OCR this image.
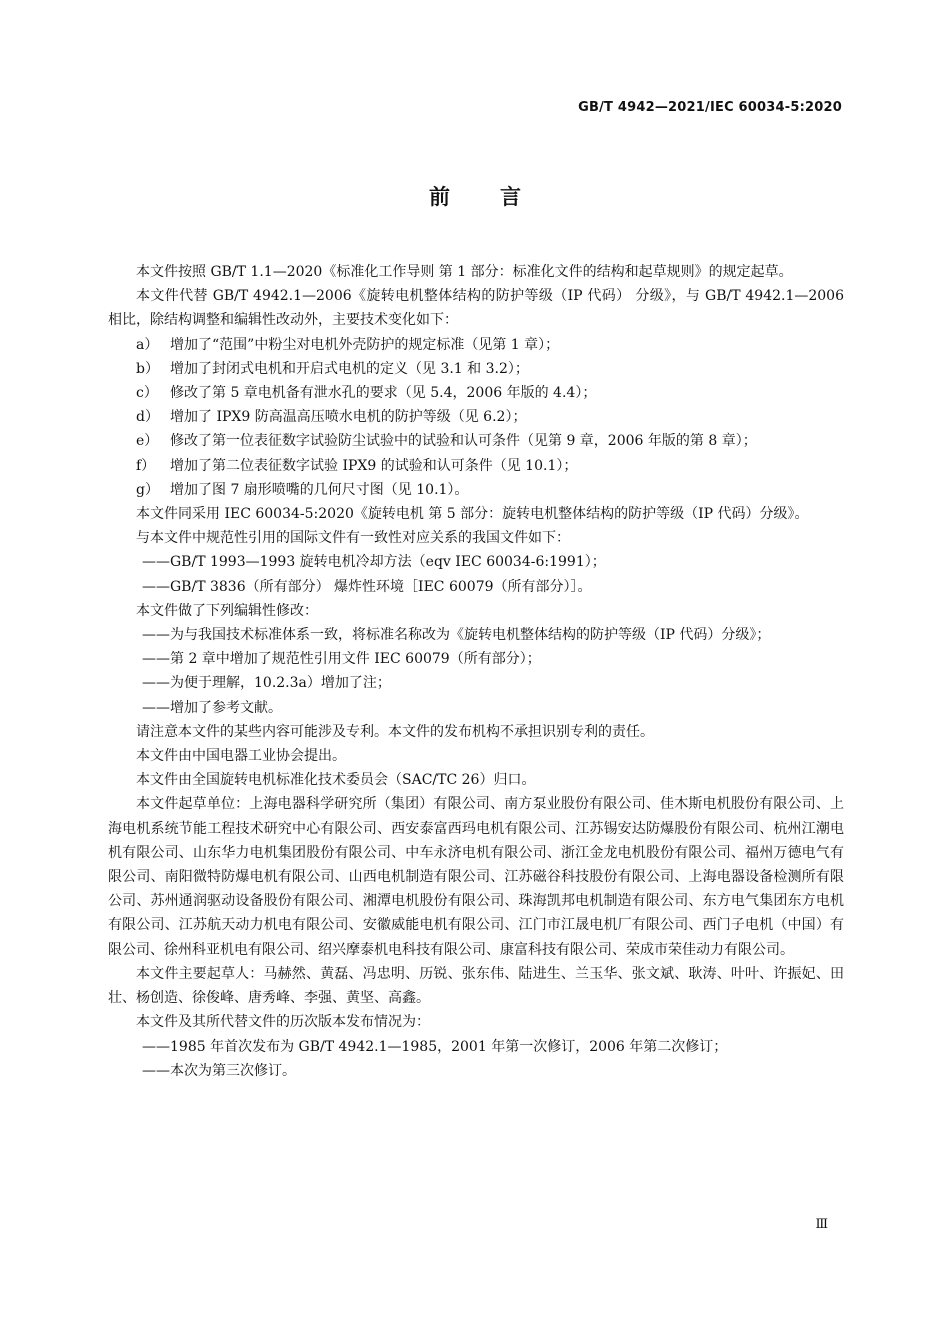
GB/T 4942—2021/IEC 60034-5:2020
前言

本文件按照 GB/T 1.1—2020《标准化工作导则 第 1 部分：标准化文件的结构和起草规则》的规定起草。

本文件代替 GB/T 4942.1—2006《旋转电机整体结构的防护等级（IP 代码） 分级》，与 GB/T 4942.1—2006 相比，除结构调整和编辑性改动外，主要技术变化如下：

a） 增加了“范围”中粉尘对电机外壳防护的规定标准（见第 1 章）；

b） 增加了封闭式电机和开启式电机的定义（见 3.1 和 3.2）；

c） 修改了第 5 章电机备有泄水孔的要求（见 5.4，2006 年版的 4.4）；

d） 增加了 IPX9 防高温高压喷水电机的防护等级（见 6.2）；

e） 修改了第一位表征数字试验防尘试验中的试验和认可条件（见第 9 章，2006 年版的第 8 章）；

f） 增加了第二位表征数字试验 IPX9 的试验和认可条件（见 10.1）；

g） 增加了图 7 扇形喷嘴的几何尺寸图（见 10.1）。

本文件同采用 IEC 60034-5:2020《旋转电机 第 5 部分：旋转电机整体结构的防护等级（IP 代码）分级》。

与本文件中规范性引用的国际文件有一致性对应关系的我国文件如下：

——GB/T 1993—1993 旋转电机冷却方法（eqv IEC 60034-6:1991）；

——GB/T 3836（所有部分） 爆炸性环境［IEC 60079（所有部分）］。

本文件做了下列编辑性修改：

——为与我国技术标准体系一致，将标准名称改为《旋转电机整体结构的防护等级（IP 代码）分级》；

——第 2 章中增加了规范性引用文件 IEC 60079（所有部分）；

——为便于理解，10.2.3a）增加了注；

——增加了参考文献。

请注意本文件的某些内容可能涉及专利。本文件的发布机构不承担识别专利的责任。

本文件由中国电器工业协会提出。

本文件由全国旋转电机标准化技术委员会（SAC/TC 26）归口。

本文件起草单位：上海电器科学研究所（集团）有限公司、南方泵业股份有限公司、佳木斯电机股份有限公司、上海电机系统节能工程技术研究中心有限公司、西安泰富西玛电机有限公司、江苏锡安达防爆股份有限公司、杭州江潮电机有限公司、山东华力电机集团股份有限公司、中车永济电机有限公司、浙江金龙电机股份有限公司、福州万德电气有限公司、南阳微特防爆电机有限公司、山西电机制造有限公司、江苏磁谷科技股份有限公司、上海电器设备检测所有限公司、苏州通润驱动设备股份有限公司、湘潭电机股份有限公司、珠海凯邦电机制造有限公司、东方电气集团东方电机有限公司、江苏航天动力机电有限公司、安徽威能电机有限公司、江门市江晟电机厂有限公司、西门子电机（中国）有限公司、徐州科亚机电有限公司、绍兴摩泰机电科技有限公司、康富科技有限公司、荣成市荣佳动力有限公司。

本文件主要起草人：马赫然、黄磊、冯忠明、历锐、张东伟、陆进生、兰玉华、张文斌、耿涛、叶叶、许振妃、田壮、杨创造、徐俊峰、唐秀峰、李强、黄坚、高鑫。

本文件及其所代替文件的历次版本发布情况为：

——1985 年首次发布为 GB/T 4942.1—1985，2001 年第一次修订，2006 年第二次修订；

——本次为第三次修订。

Ⅲ
